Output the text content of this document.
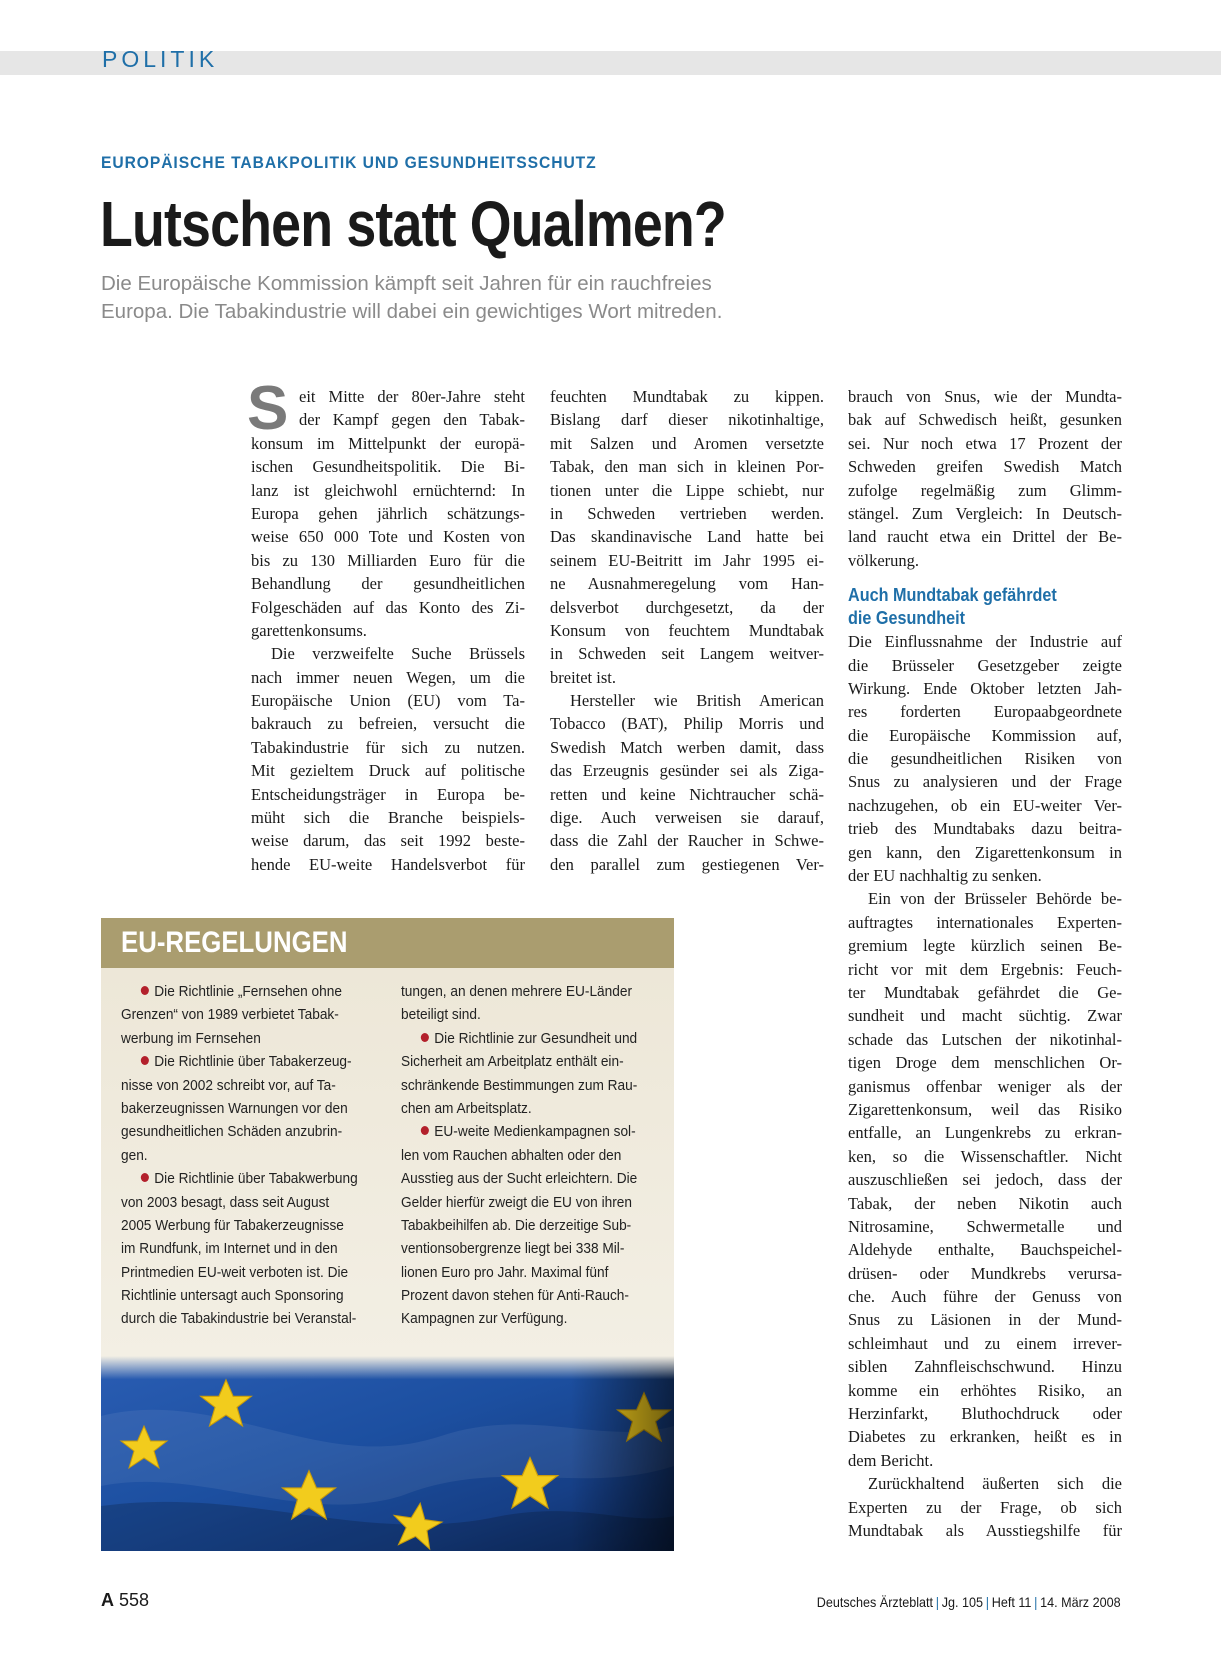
POLITIK
EUROPÄISCHE TABAKPOLITIK UND GESUNDHEITSSCHUTZ
Lutschen statt Qualmen?
Die Europäische Kommission kämpft seit Jahren für ein rauchfreies
Europa. Die Tabakindustrie will dabei ein gewichtiges Wort mitreden.
S eit Mitte der 80er-Jahre steht
der Kampf gegen den Tabak-
konsum im Mittelpunkt der europä-
ischen Gesundheitspolitik. Die Bi-
lanz ist gleichwohl ernüchternd: In
Europa gehen jährlich schätzungs-
weise 650 000 Tote und Kosten von
bis zu 130 Milliarden Euro für die
Behandlung der gesundheitlichen
Folgeschäden auf das Konto des Zi-
garettenkonsums.
Die verzweifelte Suche Brüssels
nach immer neuen Wegen, um die
Europäische Union (EU) vom Ta-
bakrauch zu befreien, versucht die
Tabakindustrie für sich zu nutzen.
Mit gezieltem Druck auf politische
Entscheidungsträger in Europa be-
müht sich die Branche beispiels-
weise darum, das seit 1992 beste-
hende EU-weite Handelsverbot für
feuchten Mundtabak zu kippen.
Bislang darf dieser nikotinhaltige,
mit Salzen und Aromen versetzte
Tabak, den man sich in kleinen Por-
tionen unter die Lippe schiebt, nur
in Schweden vertrieben werden.
Das skandinavische Land hatte bei
seinem EU-Beitritt im Jahr 1995 ei-
ne Ausnahmeregelung vom Han-
delsverbot durchgesetzt, da der
Konsum von feuchtem Mundtabak
in Schweden seit Langem weitver-
breitet ist.
Hersteller wie British American
Tobacco (BAT), Philip Morris und
Swedish Match werben damit, dass
das Erzeugnis gesünder sei als Ziga-
retten und keine Nichtraucher schä-
dige. Auch verweisen sie darauf,
dass die Zahl der Raucher in Schwe-
den parallel zum gestiegenen Ver-
brauch von Snus, wie der Mundta-
bak auf Schwedisch heißt, gesunken
sei. Nur noch etwa 17 Prozent der
Schweden greifen Swedish Match
zufolge regelmäßig zum Glimm-
stängel. Zum Vergleich: In Deutsch-
land raucht etwa ein Drittel der Be-
völkerung.
Auch Mundtabak gefährdet
die Gesundheit
Die Einflussnahme der Industrie auf
die Brüsseler Gesetzgeber zeigte
Wirkung. Ende Oktober letzten Jah-
res forderten Europaabgeordnete
die Europäische Kommission auf,
die gesundheitlichen Risiken von
Snus zu analysieren und der Frage
nachzugehen, ob ein EU-weiter Ver-
trieb des Mundtabaks dazu beitra-
gen kann, den Zigarettenkonsum in
der EU nachhaltig zu senken.
Ein von der Brüsseler Behörde be-
auftragtes internationales Experten-
gremium legte kürzlich seinen Be-
richt vor mit dem Ergebnis: Feuch-
ter Mundtabak gefährdet die Ge-
sundheit und macht süchtig. Zwar
schade das Lutschen der nikotinhal-
tigen Droge dem menschlichen Or-
ganismus offenbar weniger als der
Zigarettenkonsum, weil das Risiko
entfalle, an Lungenkrebs zu erkran-
ken, so die Wissenschaftler. Nicht
auszuschließen sei jedoch, dass der
Tabak, der neben Nikotin auch
Nitrosamine, Schwermetalle und
Aldehyde enthalte, Bauchspeichel-
drüsen- oder Mundkrebs verursa-
che. Auch führe der Genuss von
Snus zu Läsionen in der Mund-
schleimhaut und zu einem irrever-
siblen Zahnfleischschwund. Hinzu
komme ein erhöhtes Risiko, an
Herzinfarkt, Bluthochdruck oder
Diabetes zu erkranken, heißt es in
dem Bericht.
Zurückhaltend äußerten sich die
Experten zu der Frage, ob sich
Mundtabak als Ausstiegshilfe für
EU-REGELUNGEN
Die Richtlinie „Fernsehen ohne
Grenzen“ von 1989 verbietet Tabak-
werbung im Fernsehen
Die Richtlinie über Tabakerzeug-
nisse von 2002 schreibt vor, auf Ta-
bakerzeugnissen Warnungen vor den
gesundheitlichen Schäden anzubrin-
gen.
Die Richtlinie über Tabakwerbung
von 2003 besagt, dass seit August
2005 Werbung für Tabakerzeugnisse
im Rundfunk, im Internet und in den
Printmedien EU-weit verboten ist. Die
Richtlinie untersagt auch Sponsoring
durch die Tabakindustrie bei Veranstal-
tungen, an denen mehrere EU-Länder
beteiligt sind.
Die Richtlinie zur Gesundheit und
Sicherheit am Arbeitplatz enthält ein-
schränkende Bestimmungen zum Rau-
chen am Arbeitsplatz.
EU-weite Medienkampagnen sol-
len vom Rauchen abhalten oder den
Ausstieg aus der Sucht erleichtern. Die
Gelder hierfür zweigt die EU von ihren
Tabakbeihilfen ab. Die derzeitige Sub-
ventionsobergrenze liegt bei 338 Mil-
lionen Euro pro Jahr. Maximal fünf
Prozent davon stehen für Anti-Rauch-
Kampagnen zur Verfügung.
A 558	Deutsches Ärzteblatt | Jg. 105 | Heft 11 | 14. März 2008
